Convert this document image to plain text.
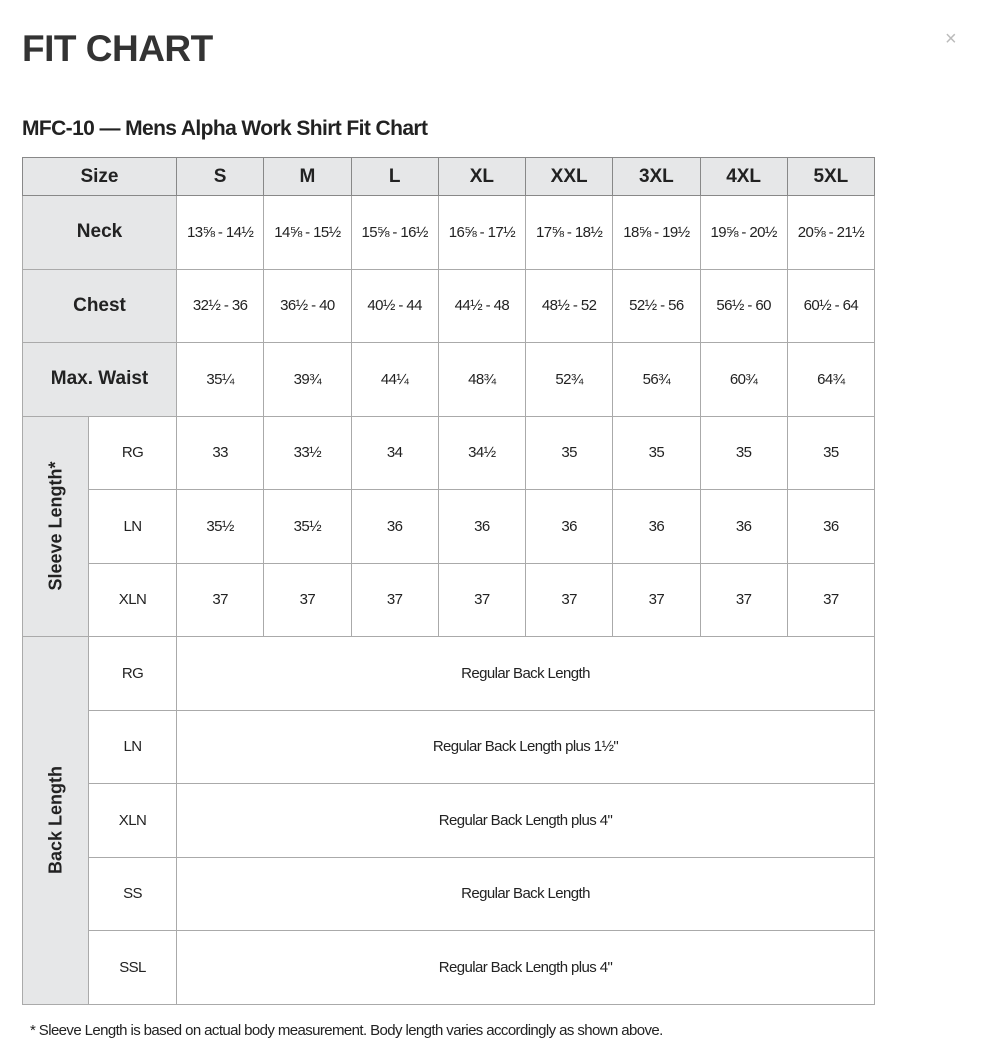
FIT CHART	×
MFC-10 — Mens Alpha Work Shirt Fit Chart
Size		S	M	L	XL	XXL	3XL	4XL	5XL
Neck		13⅝ - 14½	14⅝ - 15½	15⅝ - 16½	16⅝ - 17½	17⅝ - 18½	18⅝ - 19½	19⅝ - 20½	20⅝ - 21½
Chest		32½ - 36	36½ - 40	40½ - 44	44½ - 48	48½ - 52	52½ - 56	56½ - 60	60½ - 64
Max. Waist		35¼	39¾	44¼	48¾	52¾	56¾	60¾	64¾

Sleeve Length*	RG	33	33½	34	34½	35	35	35	35
	LN	35½	35½	36	36	36	36	36	36
	XLN	37	37	37	37	37	37	37	37

Back Length	RG	Regular Back Length							
	LN	Regular Back Length plus 1½"							
	XLN	Regular Back Length plus 4"							
	SS	Regular Back Length							
	SSL	Regular Back Length plus 4"							
* Sleeve Length is based on actual body measurement. Body length varies accordingly as shown above.
